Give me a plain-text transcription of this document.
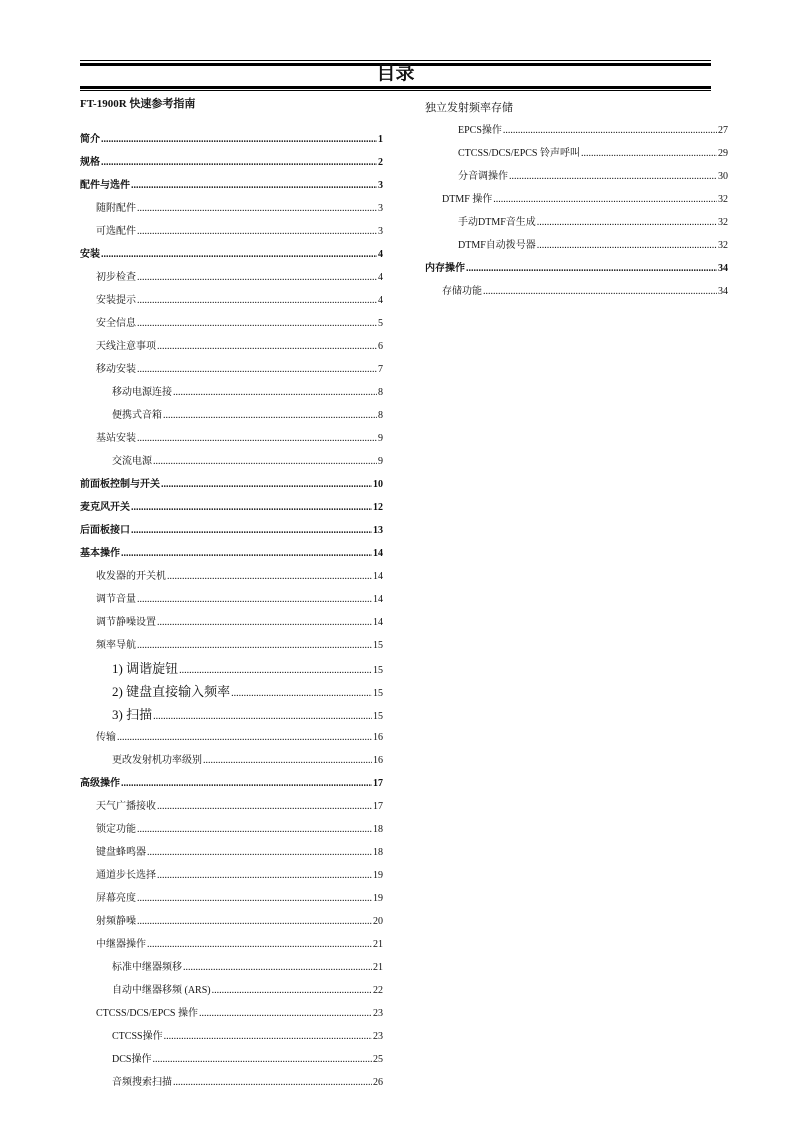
目录
FT-1900R 快速参考指南
简介 .....	1
规格 .....	2
配件与选件 .....	3
随附配件 .....	3
可选配件 .....	3
安装 .....	4
初步检查 .....	4
安装提示 .....	4
安全信息 .....	5
天线注意事项 .....	6
移动安装 .....	7
移动电源连接 .....	8
便携式音箱 .....	8
基站安装 .....	9
交流电源 .....	9
前面板控制与开关 .....	10
麦克风开关 .....	12
后面板接口 .....	13
基本操作 .....	14
收发器的开关机 .....	14
调节音量 .....	14
调节静噪设置 .....	14
频率导航 .....	15
1) 调谐旋钮 .....	15
2) 键盘直接输入频率 .....	15
3) 扫描 .....	15
传输 .....	16
更改发射机功率级别 .....	16
高级操作 .....	17
天气广播接收 .....	17
锁定功能 .....	18
键盘蜂鸣器 .....	18
通道步长选择 .....	19
屏幕亮度 .....	19
射频静噪 .....	20
中继器操作 .....	21
标准中继器频移 .....	21
自动中继器移频 (ARS) .....	22
CTCSS/DCS/EPCS 操作 .....	23
CTCSS操作 .....	23
DCS操作 .....	25
音频搜索扫描 .....	26
独立发射频率存储
EPCS操作 .....	27
CTCSS/DCS/EPCS 铃声呼叫 .....	29
分音调操作 .....	30
DTMF 操作 .....	32
手动DTMF音生成 .....	32
DTMF自动拨号器 .....	32
内存操作 .....	34
存储功能 .....	34
